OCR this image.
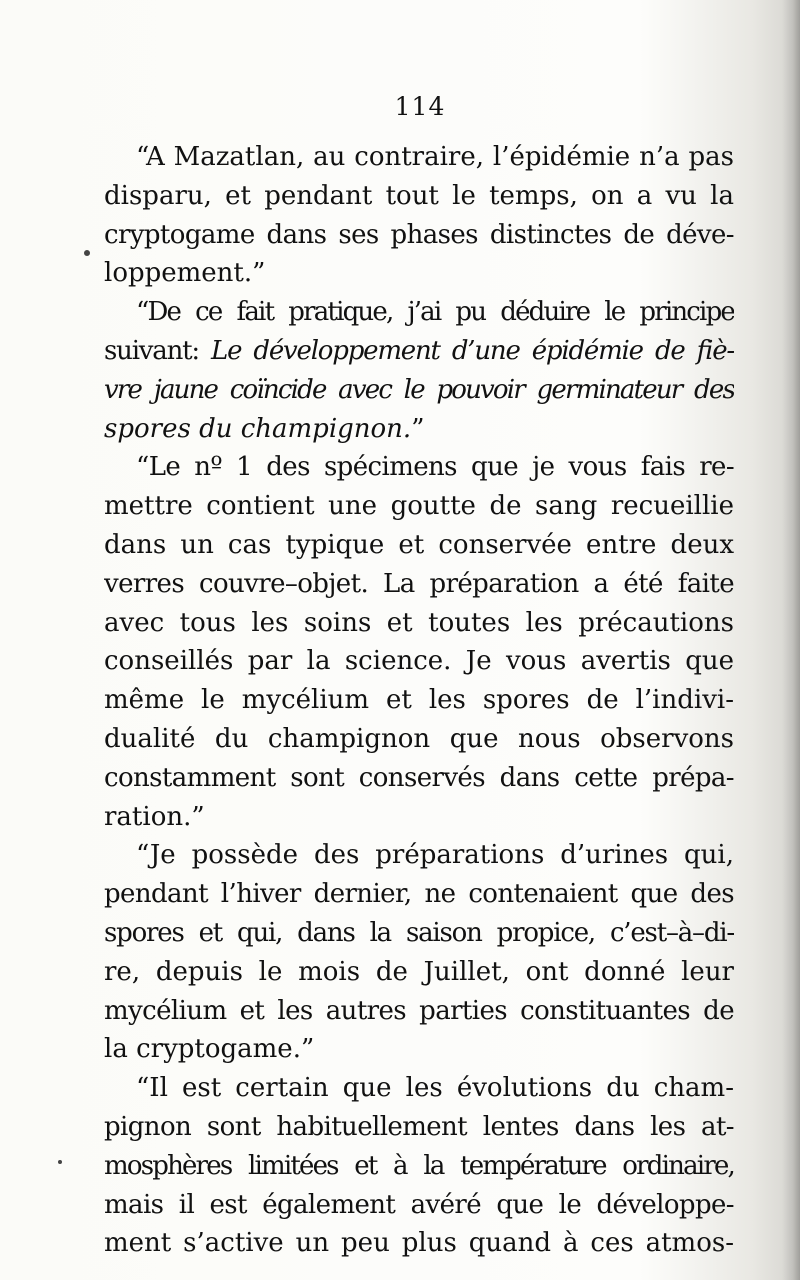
114
“A Mazatlan, au contraire, l’épidémie n’a pas
disparu, et pendant tout le temps, on a vu la
cryptogame dans ses phases distinctes de déve-
loppement.”
“De ce fait pratique, j’ai pu déduire le principe
suivant: Le développement d’une épidémie de fiè-
vre jaune coïncide avec le pouvoir germinateur des
spores du champignon.”
“Le nº 1 des spécimens que je vous fais re-
mettre contient une goutte de sang recueillie
dans un cas typique et conservée entre deux
verres couvre–objet. La préparation a été faite
avec tous les soins et toutes les précautions
conseillés par la science. Je vous avertis que
même le mycélium et les spores de l’indivi-
dualité du champignon que nous observons
constamment sont conservés dans cette prépa-
ration.”
“Je possède des préparations d’urines qui,
pendant l’hiver dernier, ne contenaient que des
spores et qui, dans la saison propice, c’est–à–di-
re, depuis le mois de Juillet, ont donné leur
mycélium et les autres parties constituantes de
la cryptogame.”
“Il est certain que les évolutions du cham-
pignon sont habituellement lentes dans les at-
mosphères limitées et à la température ordinaire,
mais il est également avéré que le développe-
ment s’active un peu plus quand à ces atmos-
